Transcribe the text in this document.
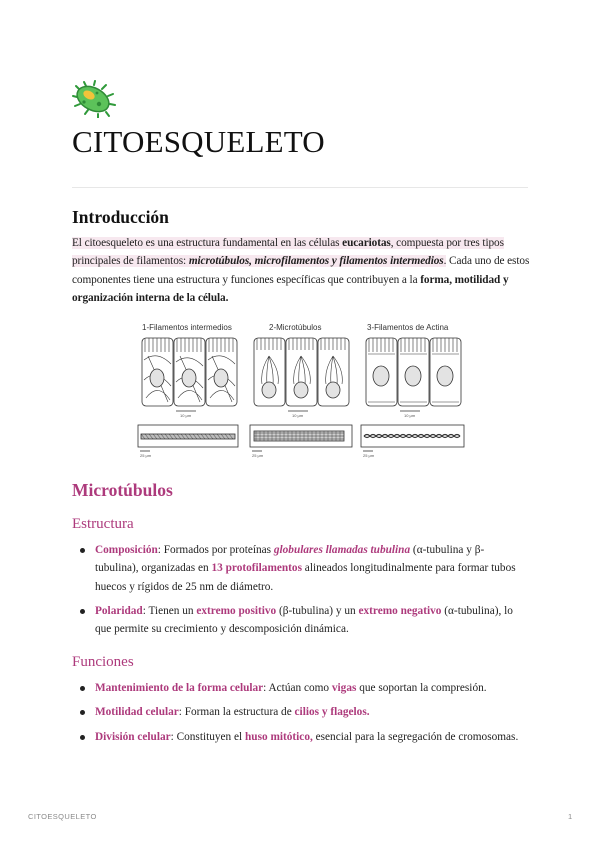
CITOESQUELETO
Introducción

El citoesqueleto es una estructura fundamental en las células eucariotas, compuesta por tres tipos principales de filamentos: microtúbulos, microfilamentos y filamentos intermedios. Cada uno de estos componentes tiene una estructura y funciones específicas que contribuyen a la forma, motilidad y organización interna de la célula.

1-Filamentos intermedios	2-Microtúbulos	3-Filamentos de Actina
10 μm	10 μm	10 μm
25 μm	25 μm	25 μm
Microtúbulos
Estructura
Composición: Formados por proteínas globulares llamadas tubulina (α-tubulina y β-tubulina), organizadas en 13 protofilamentos alineados longitudinalmente para formar tubos huecos y rígidos de 25 nm de diámetro.
Polaridad: Tienen un extremo positivo (β-tubulina) y un extremo negativo (α-tubulina), lo que permite su crecimiento y descomposición dinámica.
Funciones
Mantenimiento de la forma celular: Actúan como vigas que soportan la compresión.
Motilidad celular: Forman la estructura de cilios y flagelos.
División celular: Constituyen el huso mitótico, esencial para la segregación de cromosomas.
CITOESQUELETO	1
